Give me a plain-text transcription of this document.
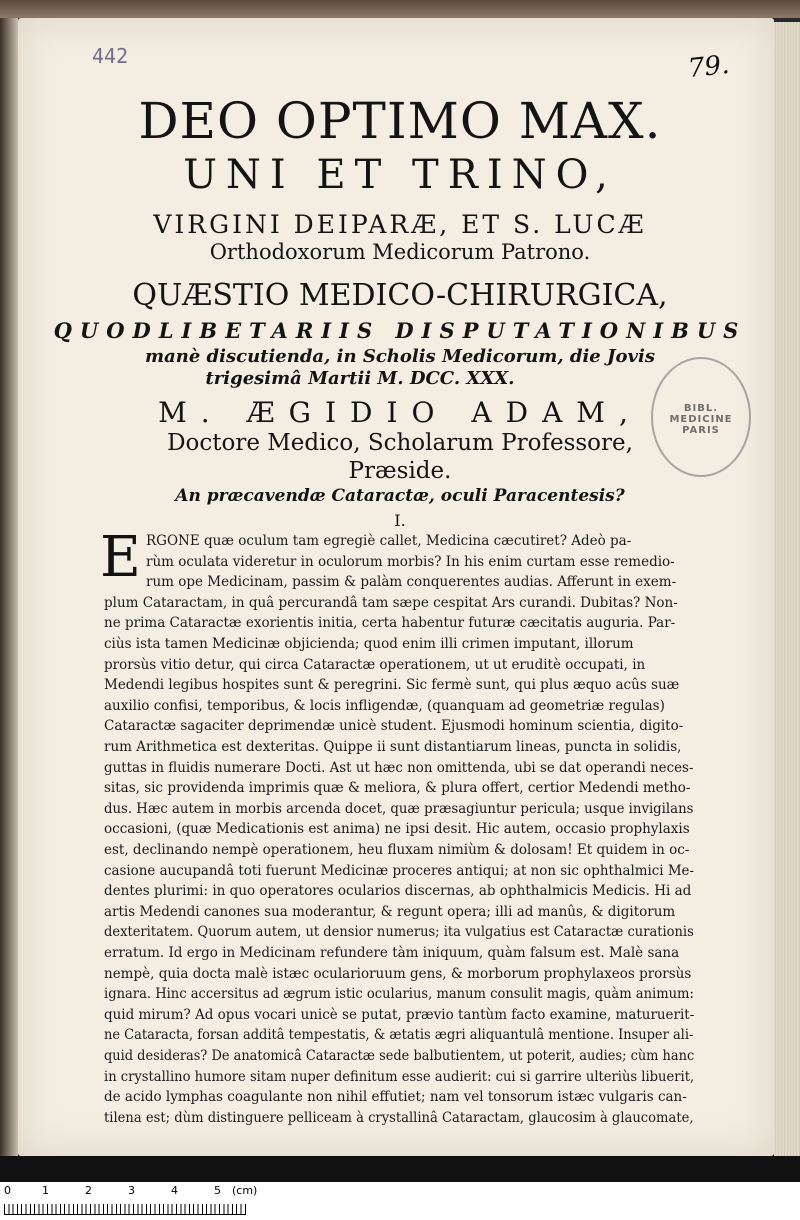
442	79.
DEO OPTIMO MAX.
UNI ET TRINO,
VIRGINI DEIPARÆ, ET S. LUCÆ
Orthodoxorum Medicorum Patrono.
QUÆSTIO MEDICO-CHIRURGICA,
QUODLIBETARIIS DISPUTATIONIBUS
manè discutienda, in Scholis Medicorum, die Jovis
trigesimâ Martii M. DCC. XXX.
M. ÆGIDIO ADAM,
Doctore Medico, Scholarum Professore,
Præside.
An præcavendæ Cataractæ, oculi Paracentesis?
I.
BIBL. MEDICINE PARIS
E RGONE quæ oculum tam egregiè callet, Medicina cæcutiret? Adeò pa-
rùm oculata videretur in oculorum morbis? In his enim curtam esse remedio-
rum ope Medicinam, passim & palàm conquerentes audias. Afferunt in exem-
plum Cataractam, in quâ percurandâ tam sæpe cespitat Ars curandi. Dubitas? Non-
ne prima Cataractæ exorientis initia, certa habentur futuræ cæcitatis auguria. Par-
ciùs ista tamen Medicinæ objicienda; quod enim illi crimen imputant, illorum
prorsùs vitio detur, qui circa Cataractæ operationem, ut ut eruditè occupati, in
Medendi legibus hospites sunt & peregrini. Sic fermè sunt, qui plus æquo acûs suæ
auxilio confisi, temporibus, & locis infligendæ, (quanquam ad geometriæ regulas)
Cataractæ sagaciter deprimendæ unicè student. Ejusmodi hominum scientia, digito-
rum Arithmetica est dexteritas. Quippe ii sunt distantiarum lineas, puncta in solidis,
guttas in fluidis numerare Docti. Ast ut hæc non omittenda, ubi se dat operandi neces-
sitas, sic providenda imprimis quæ & meliora, & plura offert, certior Medendi metho-
dus. Hæc autem in morbis arcenda docet, quæ præsagiuntur pericula; usque invigilans
occasioni, (quæ Medicationis est anima) ne ipsi desit. Hic autem, occasio prophylaxis
est, declinando nempè operationem, heu fluxam nimiùm & dolosam! Et quidem in oc-
casione aucupandâ toti fuerunt Medicinæ proceres antiqui; at non sic ophthalmici Me-
dentes plurimi: in quo operatores ocularios discernas, ab ophthalmicis Medicis. Hi ad
artis Medendi canones sua moderantur, & regunt opera; illi ad manûs, & digitorum
dexteritatem. Quorum autem, ut densior numerus; ita vulgatius est Cataractæ curationis
erratum. Id ergo in Medicinam refundere tàm iniquum, quàm falsum est. Malè sana
nempè, quia docta malè istæc ocularioruum gens, & morborum prophylaxeos prorsùs
ignara. Hinc accersitus ad ægrum istic ocularius, manum consulit magis, quàm animum:
quid mirum? Ad opus vocari unicè se putat, prævio tantùm facto examine, maturuerit-
ne Cataracta, forsan additâ tempestatis, & ætatis ægri aliquantulâ mentione. Insuper ali-
quid desideras? De anatomicâ Cataractæ sede balbutientem, ut poterit, audies; cùm hanc
in crystallino humore sitam nuper definitum esse audierit: cui si garrire ulteriùs libuerit,
de acido lymphas coagulante non nihil effutiet; nam vel tonsorum istæc vulgaris can-
tilena est; dùm distinguere pelliceam à crystallinâ Cataractam, glaucosim à glaucomate,
0	1	2	3	4	5 (cm)
